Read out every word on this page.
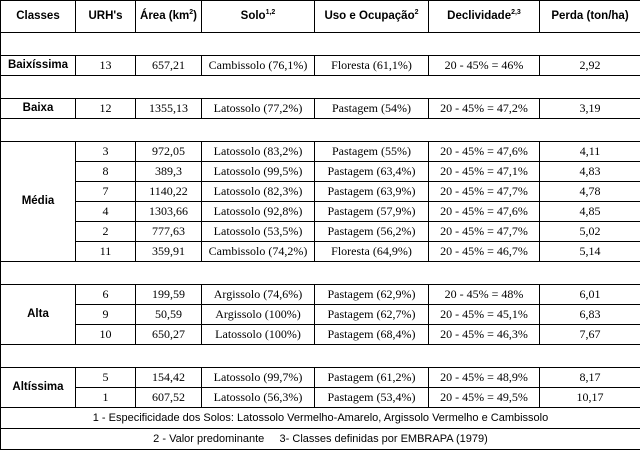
Classes	URH's	Área $(km^2)$	Solo$^{1,2}$	Uso e Ocupação$^2$	Declividade$^{2,3}$	Perda (ton/ha)

Baixíssima	13	657,21	Cambissolo (76,1%)	Floresta (61,1%)	20 - 45% = 46%	2,92

Baixa	12	1355,13	Latossolo (77,2%)	Pastagem (54%)	20 - 45% = 47,2%	3,19

Média	3	972,05	Latossolo (83,2%)	Pastagem (55%)	20 - 45% = 47,6%	4,11
	8	389,3	Latossolo (99,5%)	Pastagem (63,4%)	20 - 45% = 47,1%	4,83
	7	1140,22	Latossolo (82,3%)	Pastagem (63,9%)	20 - 45% = 47,7%	4,78
	4	1303,66	Latossolo (92,8%)	Pastagem (57,9%)	20 - 45% = 47,6%	4,85
	2	777,63	Latossolo (53,5%)	Pastagem (56,2%)	20 - 45% = 47,7%	5,02
	11	359,91	Cambissolo (74,2%)	Floresta (64,9%)	20 - 45% = 46,7%	5,14

Alta	6	199,59	Argissolo (74,6%)	Pastagem (62,9%)	20 - 45% = 48%	6,01
	9	50,59	Argissolo (100%)	Pastagem (62,7%)	20 - 45% = 45,1%	6,83
	10	650,27	Latossolo (100%)	Pastagem (68,4%)	20 - 45% = 46,3%	7,67

Altíssima	5	154,42	Latossolo (99,7%)	Pastagem (61,2%)	20 - 45% = 48,9%	8,17
	1	607,52	Latossolo (56,3%)	Pastagem (53,4%)	20 - 45% = 49,5%	10,17
1 - Especificidade dos Solos: Latossolo Vermelho-Amarelo, Argissolo Vermelho e Cambissolo						
2 - Valor predominante     3- Classes definidas por EMBRAPA (1979)						
